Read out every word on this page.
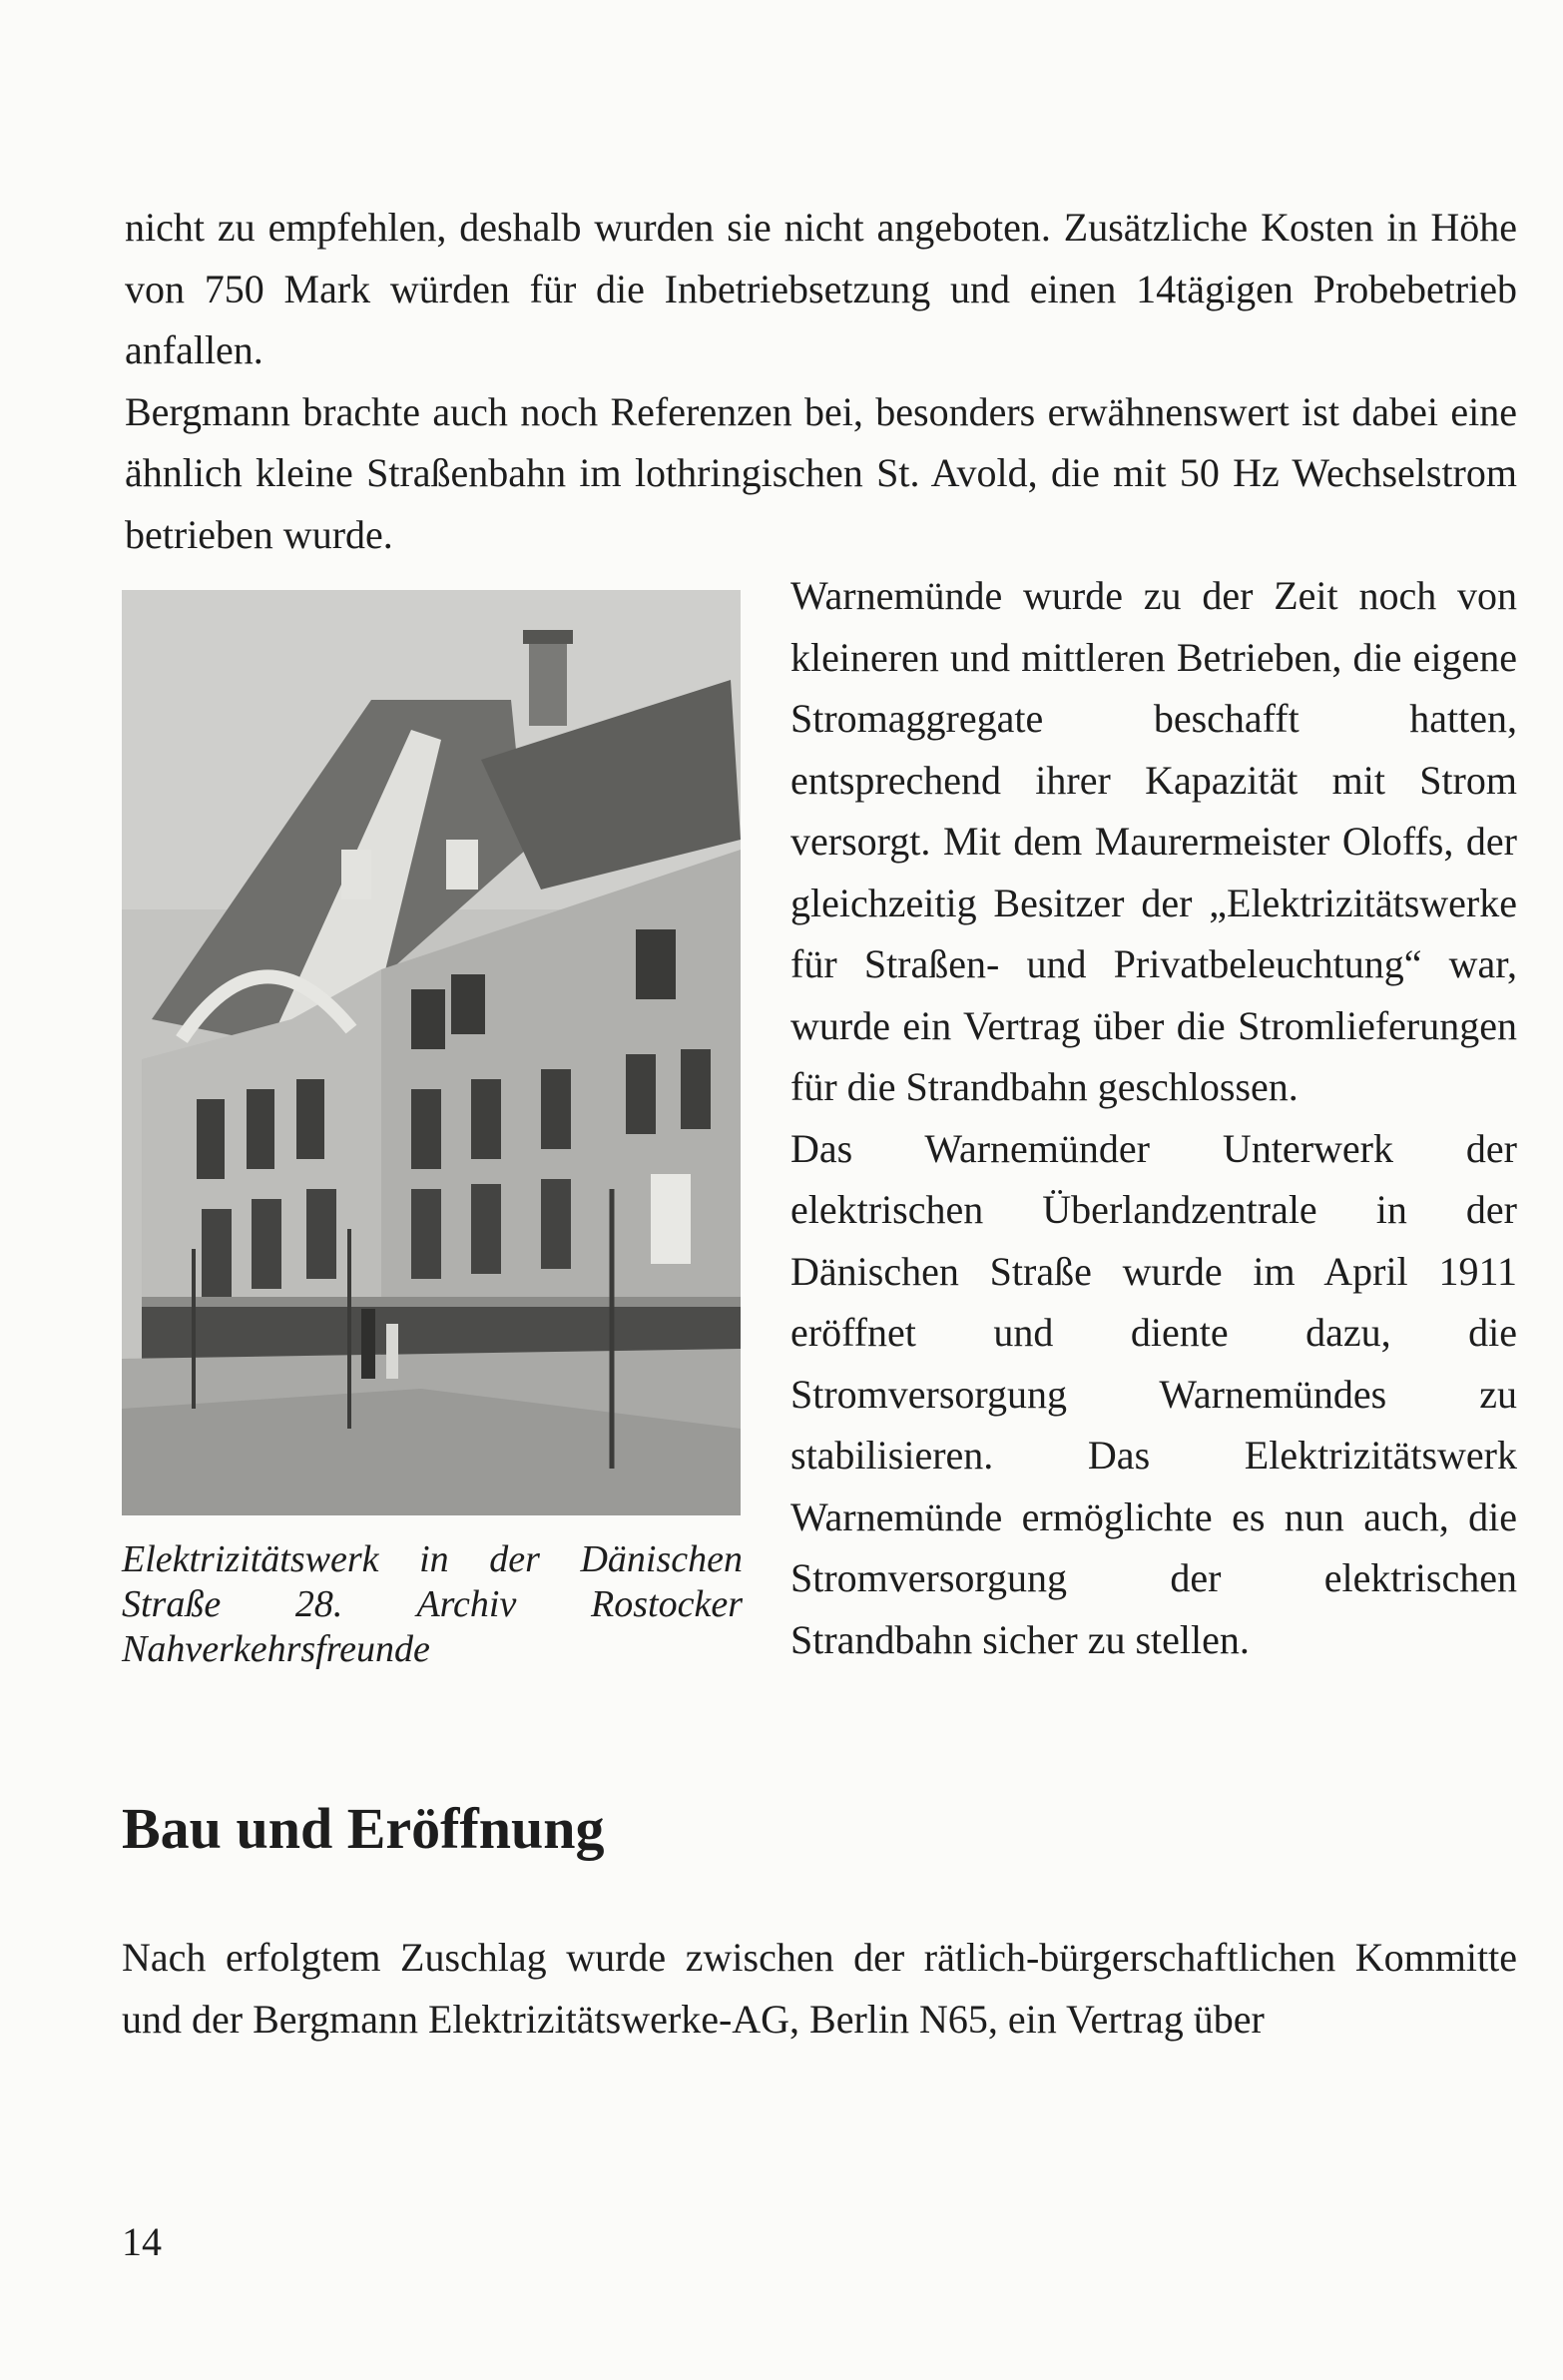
nicht zu empfehlen, deshalb wurden sie nicht angeboten. Zusätzliche Kosten in Höhe von 750 Mark würden für die Inbetriebsetzung und einen 14tägigen Probebetrieb anfallen.

Bergmann brachte auch noch Referenzen bei, besonders erwähnenswert ist dabei eine ähnlich kleine Straßenbahn im lothringischen St. Avold, die mit 50 Hz Wechselstrom betrieben wurde.

Elektrizitätswerk in der Dänischen Straße 28. Archiv Rostocker Nahverkehrsfreunde

Warnemünde wurde zu der Zeit noch von kleineren und mittleren Betrieben, die eigene Stromaggregate beschafft hatten, entsprechend ihrer Kapazität mit Strom versorgt. Mit dem Maurermeister Oloffs, der gleichzeitig Besitzer der „Elektrizitätswerke für Straßen- und Privatbeleuchtung“ war, wurde ein Vertrag über die Stromlieferungen für die Strandbahn geschlossen.

Das Warnemünder Unterwerk der elektrischen Überlandzentrale in der Dänischen Straße wurde im April 1911 eröffnet und diente dazu, die Stromversorgung Warnemündes zu stabilisieren. Das Elektrizitätswerk Warnemünde ermöglichte es nun auch, die Stromversorgung der elektrischen Strandbahn sicher zu stellen.

Bau und Eröffnung

Nach erfolgtem Zuschlag wurde zwischen der rätlich-bürgerschaftlichen Kommitte und der Bergmann Elektrizitätswerke-AG, Berlin N65, ein Vertrag über

14
